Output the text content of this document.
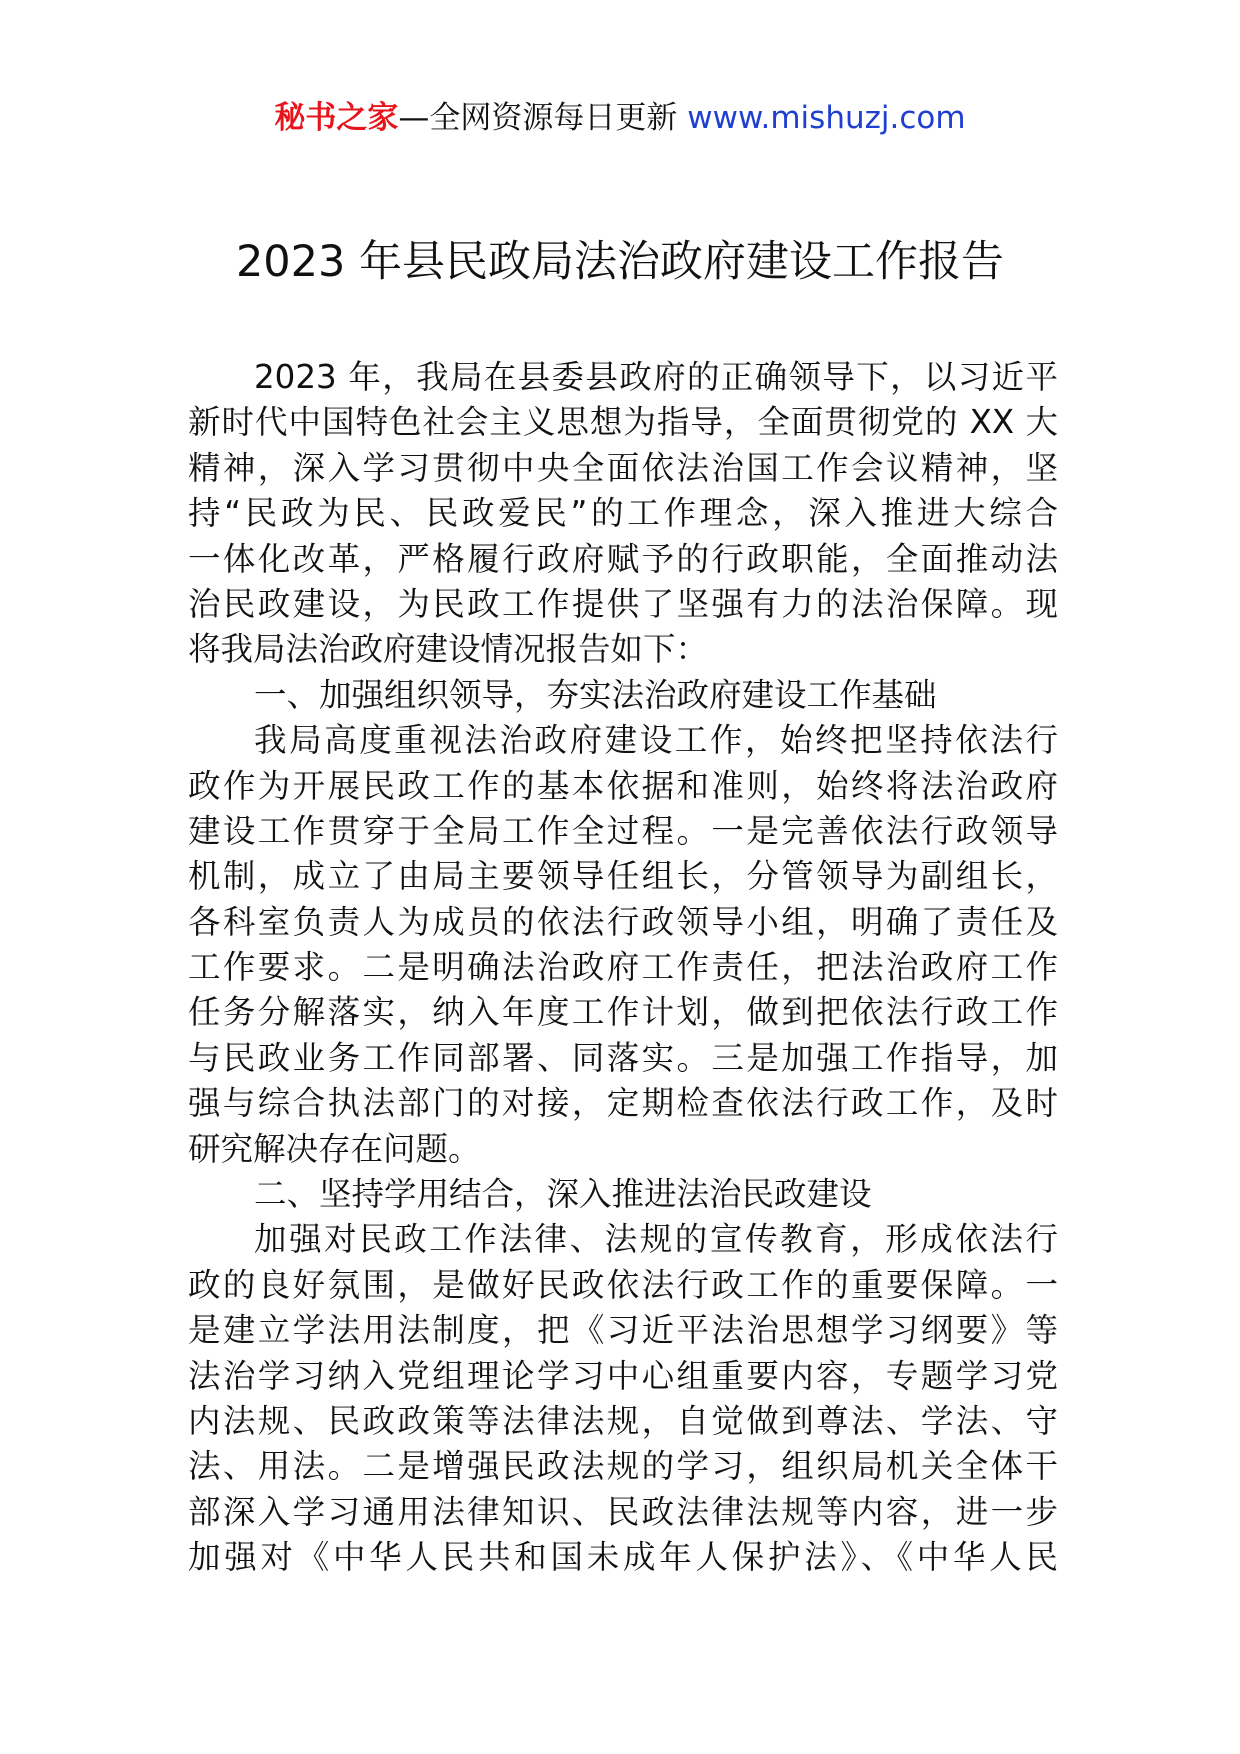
秘书之家—全网资源每日更新 www.mishuzj.com
2023 年县民政局法治政府建设工作报告
2023 年，我局在县委县政府的正确领导下，以习近平
新时代中国特色社会主义思想为指导，全面贯彻党的 XX 大
精神，深入学习贯彻中央全面依法治国工作会议精神，坚
持“民政为民、民政爱民”的工作理念，深入推进大综合
一体化改革，严格履行政府赋予的行政职能，全面推动法
治民政建设，为民政工作提供了坚强有力的法治保障。现
将我局法治政府建设情况报告如下：
一、加强组织领导，夯实法治政府建设工作基础
我局高度重视法治政府建设工作，始终把坚持依法行
政作为开展民政工作的基本依据和准则，始终将法治政府
建设工作贯穿于全局工作全过程。一是完善依法行政领导
机制，成立了由局主要领导任组长，分管领导为副组长，
各科室负责人为成员的依法行政领导小组，明确了责任及
工作要求。二是明确法治政府工作责任，把法治政府工作
任务分解落实，纳入年度工作计划，做到把依法行政工作
与民政业务工作同部署、同落实。三是加强工作指导，加
强与综合执法部门的对接，定期检查依法行政工作，及时
研究解决存在问题。
二、坚持学用结合，深入推进法治民政建设
加强对民政工作法律、法规的宣传教育，形成依法行
政的良好氛围，是做好民政依法行政工作的重要保障。一
是建立学法用法制度，把《习近平法治思想学习纲要》等
法治学习纳入党组理论学习中心组重要内容，专题学习党
内法规、民政政策等法律法规，自觉做到尊法、学法、守
法、用法。二是增强民政法规的学习，组织局机关全体干
部深入学习通用法律知识、民政法律法规等内容，进一步
加强对《中华人民共和国未成年人保护法》、《中华人民
